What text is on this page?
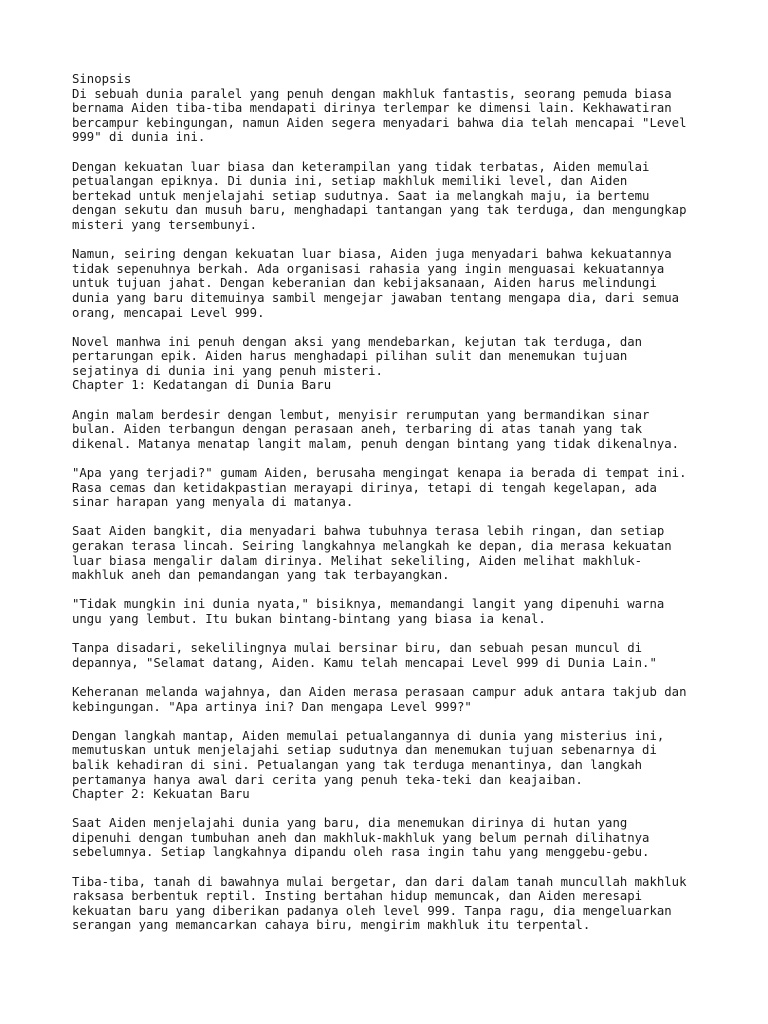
Sinopsis
Di sebuah dunia paralel yang penuh dengan makhluk fantastis, seorang pemuda biasa
bernama Aiden tiba-tiba mendapati dirinya terlempar ke dimensi lain. Kekhawatiran
bercampur kebingungan, namun Aiden segera menyadari bahwa dia telah mencapai "Level
999" di dunia ini.
Dengan kekuatan luar biasa dan keterampilan yang tidak terbatas, Aiden memulai
petualangan epiknya. Di dunia ini, setiap makhluk memiliki level, dan Aiden
bertekad untuk menjelajahi setiap sudutnya. Saat ia melangkah maju, ia bertemu
dengan sekutu dan musuh baru, menghadapi tantangan yang tak terduga, dan mengungkap
misteri yang tersembunyi.
Namun, seiring dengan kekuatan luar biasa, Aiden juga menyadari bahwa kekuatannya
tidak sepenuhnya berkah. Ada organisasi rahasia yang ingin menguasai kekuatannya
untuk tujuan jahat. Dengan keberanian dan kebijaksanaan, Aiden harus melindungi
dunia yang baru ditemuinya sambil mengejar jawaban tentang mengapa dia, dari semua
orang, mencapai Level 999.
Novel manhwa ini penuh dengan aksi yang mendebarkan, kejutan tak terduga, dan
pertarungan epik. Aiden harus menghadapi pilihan sulit dan menemukan tujuan
sejatinya di dunia ini yang penuh misteri.
Chapter 1: Kedatangan di Dunia Baru
Angin malam berdesir dengan lembut, menyisir rerumputan yang bermandikan sinar
bulan. Aiden terbangun dengan perasaan aneh, terbaring di atas tanah yang tak
dikenal. Matanya menatap langit malam, penuh dengan bintang yang tidak dikenalnya.
"Apa yang terjadi?" gumam Aiden, berusaha mengingat kenapa ia berada di tempat ini.
Rasa cemas dan ketidakpastian merayapi dirinya, tetapi di tengah kegelapan, ada
sinar harapan yang menyala di matanya.
Saat Aiden bangkit, dia menyadari bahwa tubuhnya terasa lebih ringan, dan setiap
gerakan terasa lincah. Seiring langkahnya melangkah ke depan, dia merasa kekuatan
luar biasa mengalir dalam dirinya. Melihat sekeliling, Aiden melihat makhluk-
makhluk aneh dan pemandangan yang tak terbayangkan.
"Tidak mungkin ini dunia nyata," bisiknya, memandangi langit yang dipenuhi warna
ungu yang lembut. Itu bukan bintang-bintang yang biasa ia kenal.
Tanpa disadari, sekelilingnya mulai bersinar biru, dan sebuah pesan muncul di
depannya, "Selamat datang, Aiden. Kamu telah mencapai Level 999 di Dunia Lain."
Keheranan melanda wajahnya, dan Aiden merasa perasaan campur aduk antara takjub dan
kebingungan. "Apa artinya ini? Dan mengapa Level 999?"
Dengan langkah mantap, Aiden memulai petualangannya di dunia yang misterius ini,
memutuskan untuk menjelajahi setiap sudutnya dan menemukan tujuan sebenarnya di
balik kehadiran di sini. Petualangan yang tak terduga menantinya, dan langkah
pertamanya hanya awal dari cerita yang penuh teka-teki dan keajaiban.
Chapter 2: Kekuatan Baru
Saat Aiden menjelajahi dunia yang baru, dia menemukan dirinya di hutan yang
dipenuhi dengan tumbuhan aneh dan makhluk-makhluk yang belum pernah dilihatnya
sebelumnya. Setiap langkahnya dipandu oleh rasa ingin tahu yang menggebu-gebu.
Tiba-tiba, tanah di bawahnya mulai bergetar, dan dari dalam tanah muncullah makhluk
raksasa berbentuk reptil. Insting bertahan hidup memuncak, dan Aiden meresapi
kekuatan baru yang diberikan padanya oleh level 999. Tanpa ragu, dia mengeluarkan
serangan yang memancarkan cahaya biru, mengirim makhluk itu terpental.
